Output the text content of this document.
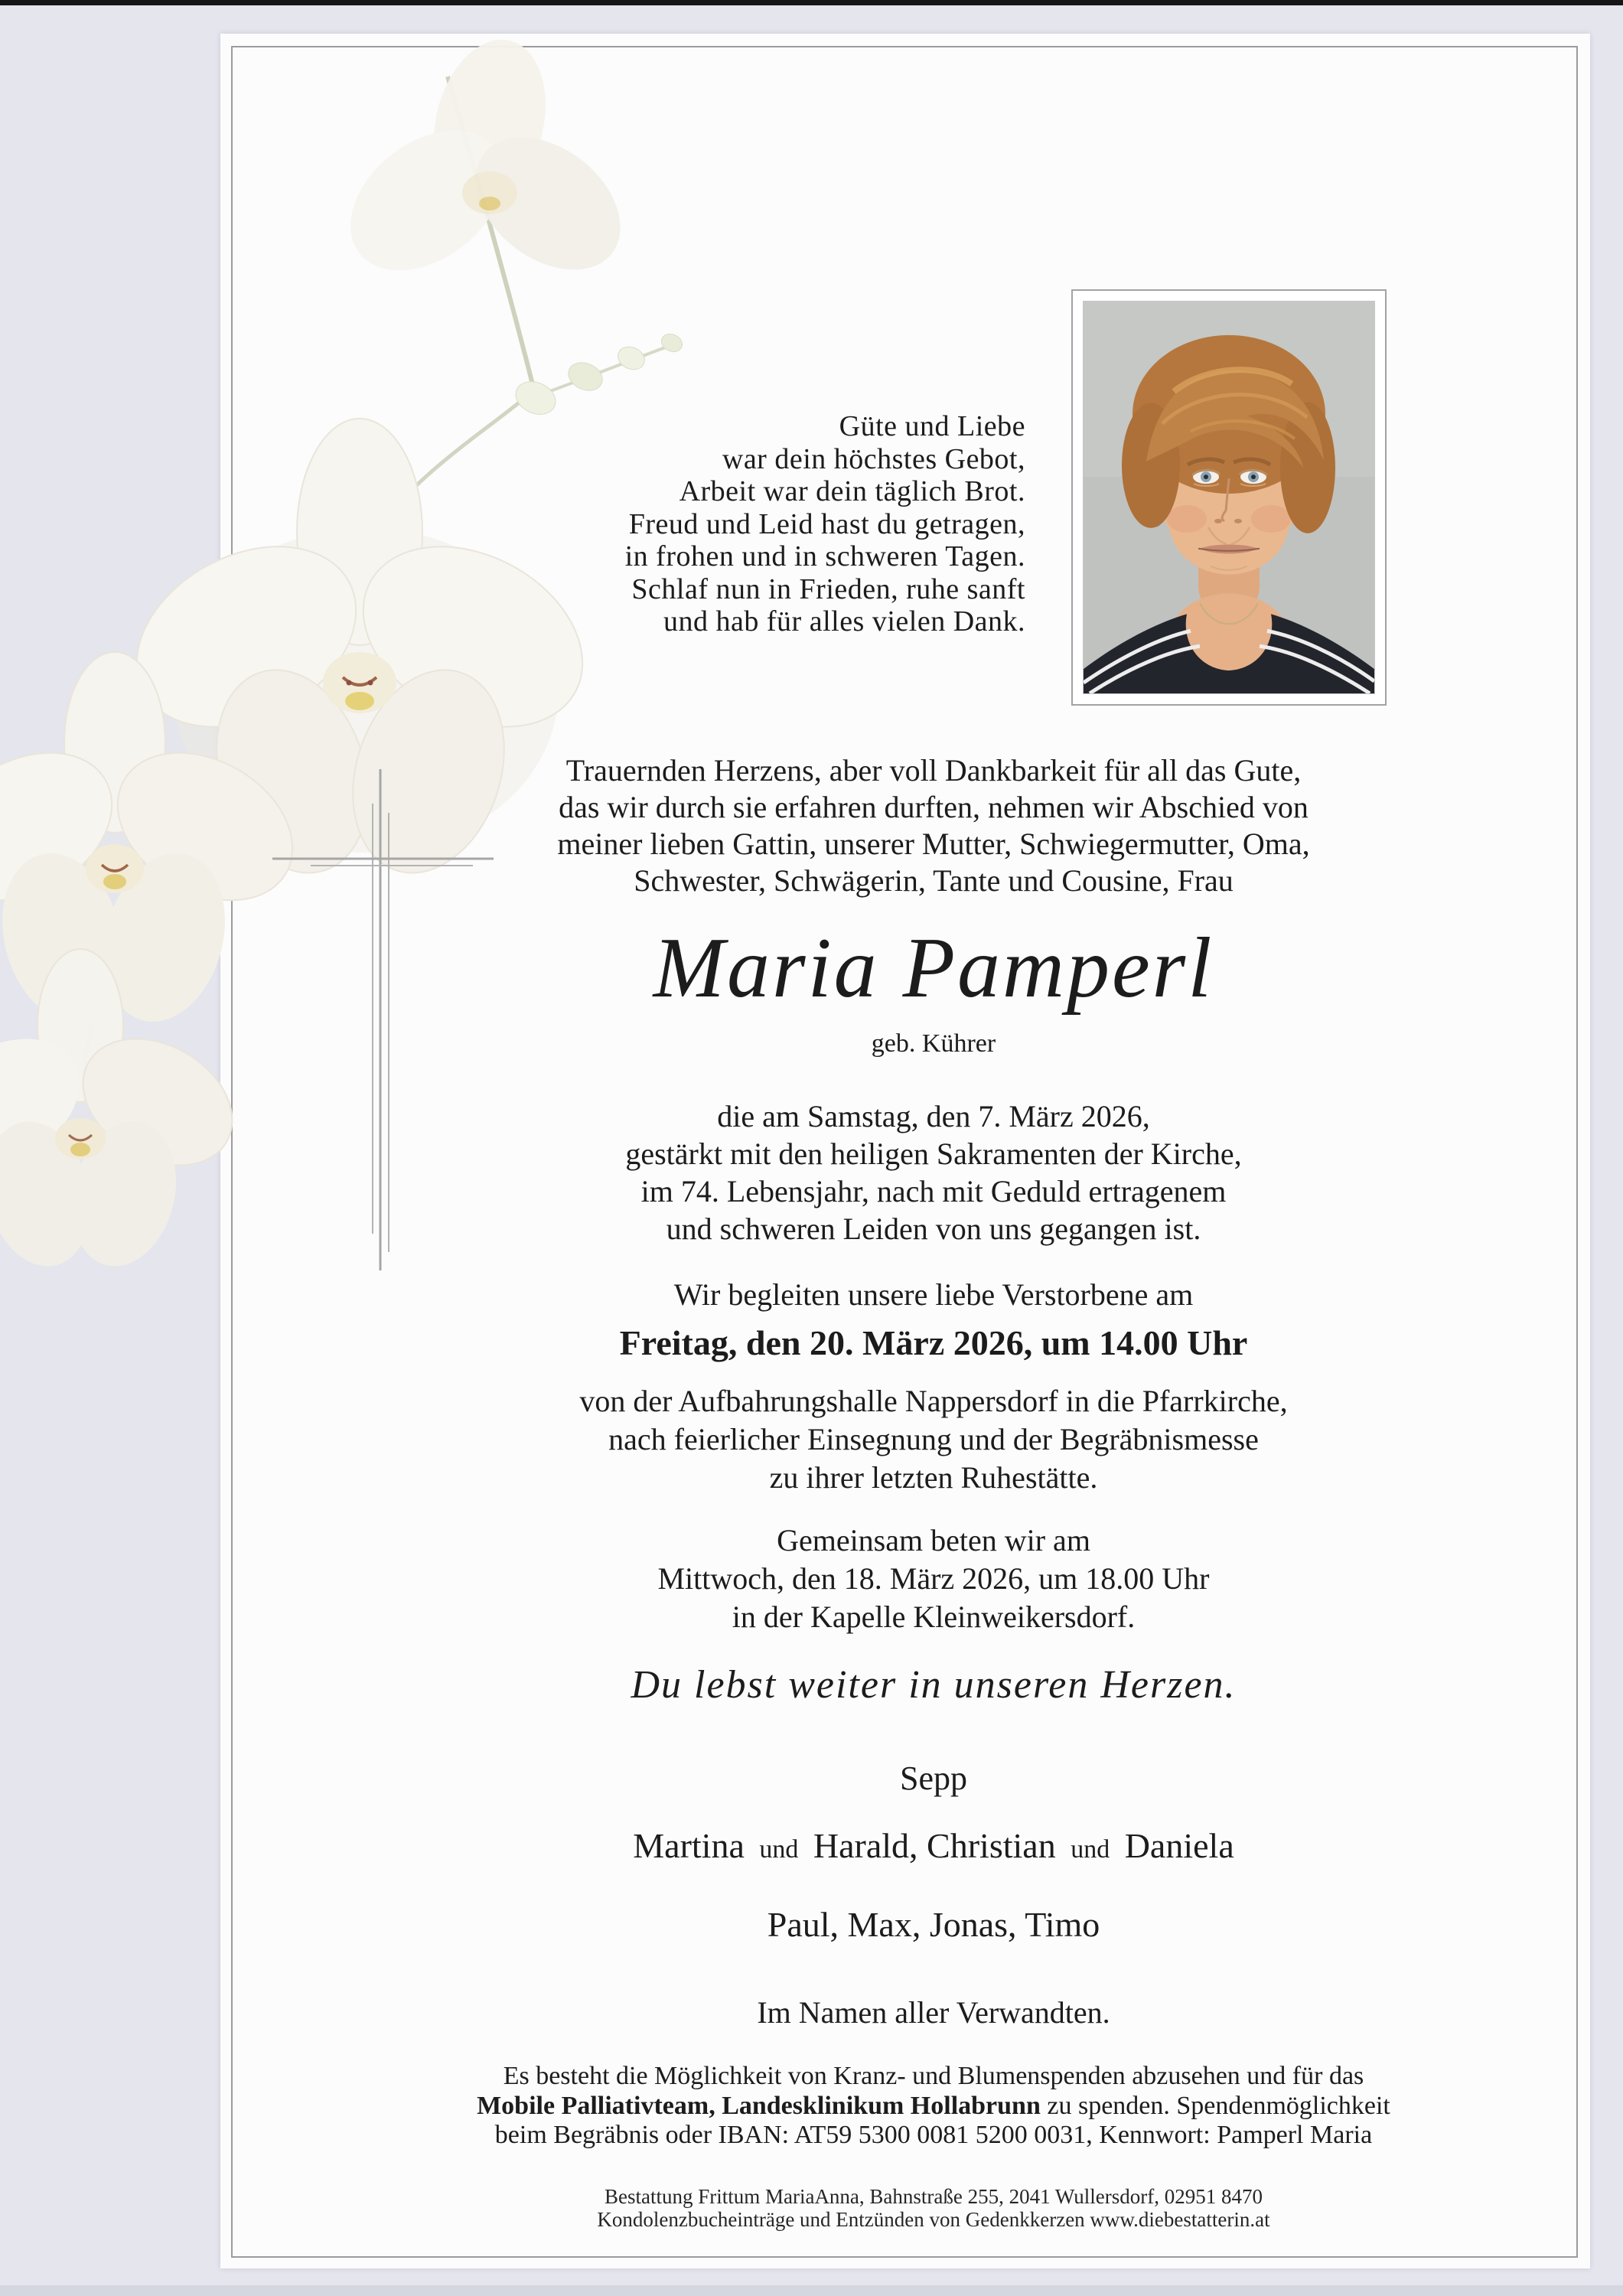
Güte und Liebe
war dein höchstes Gebot,
Arbeit war dein täglich Brot.
Freud und Leid hast du getragen,
in frohen und in schweren Tagen.
Schlaf nun in Frieden, ruhe sanft
und hab für alles vielen Dank.
Trauernden Herzens, aber voll Dankbarkeit für all das Gute,
das wir durch sie erfahren durften, nehmen wir Abschied von
meiner lieben Gattin, unserer Mutter, Schwiegermutter, Oma,
Schwester, Schwägerin, Tante und Cousine, Frau
Maria Pamperl
geb. Kührer
die am Samstag, den 7. März 2026,
gestärkt mit den heiligen Sakramenten der Kirche,
im 74. Lebensjahr, nach mit Geduld ertragenem
und schweren Leiden von uns gegangen ist.
Wir begleiten unsere liebe Verstorbene am
Freitag, den 20. März 2026, um 14.00 Uhr
von der Aufbahrungshalle Nappersdorf in die Pfarrkirche,
nach feierlicher Einsegnung und der Begräbnismesse
zu ihrer letzten Ruhestätte.
Gemeinsam beten wir am
Mittwoch, den 18. März 2026, um 18.00 Uhr
in der Kapelle Kleinweikersdorf.
Du lebst weiter in unseren Herzen.
Sepp
Martina und Harald, Christian und Daniela
Paul, Max, Jonas, Timo
Im Namen aller Verwandten.
Es besteht die Möglichkeit von Kranz- und Blumenspenden abzusehen und für das
Mobile Palliativteam, Landesklinikum Hollabrunn zu spenden. Spendenmöglichkeit
beim Begräbnis oder IBAN: AT59 5300 0081 5200 0031, Kennwort: Pamperl Maria
Bestattung Frittum MariaAnna, Bahnstraße 255, 2041 Wullersdorf, 02951 8470
Kondolenzbucheinträge und Entzünden von Gedenkkerzen www.diebestatterin.at
